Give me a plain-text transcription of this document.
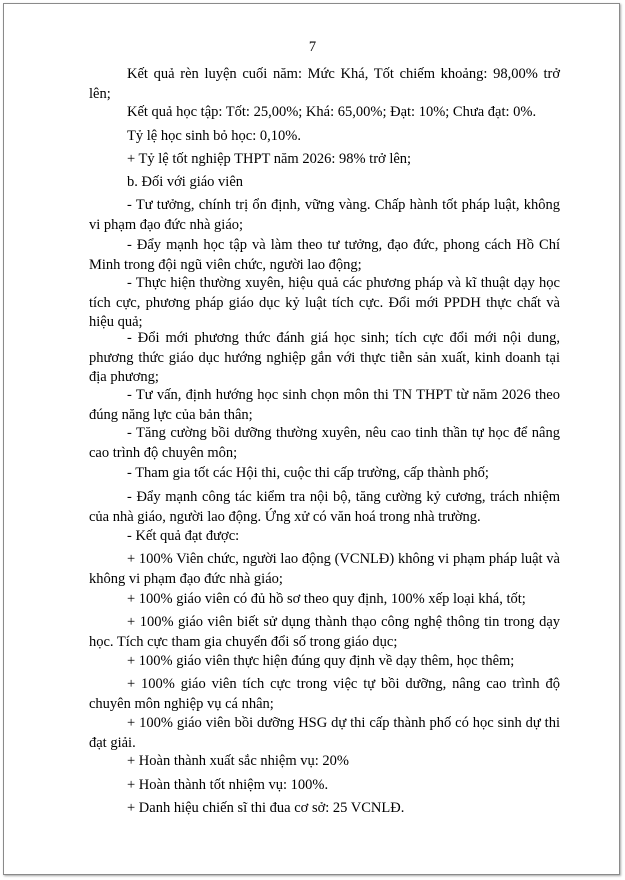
7

Kết quả rèn luyện cuối năm: Mức Khá, Tốt chiếm khoảng: 98,00% trở lên;

Kết quả học tập: Tốt: 25,00%; Khá: 65,00%; Đạt: 10%; Chưa đạt: 0%.

Tỷ lệ học sinh bỏ học: 0,10%.

+ Tỷ lệ tốt nghiệp THPT năm 2026: 98% trở lên;

b. Đối với giáo viên

- Tư tưởng, chính trị ổn định, vững vàng. Chấp hành tốt pháp luật, không vi phạm đạo đức nhà giáo;

- Đẩy mạnh học tập và làm theo tư tưởng, đạo đức, phong cách Hồ Chí Minh trong đội ngũ viên chức, người lao động;

- Thực hiện thường xuyên, hiệu quả các phương pháp và kĩ thuật dạy học tích cực, phương pháp giáo dục kỷ luật tích cực. Đổi mới PPDH thực chất và hiệu quả;

- Đổi mới phương thức đánh giá học sinh; tích cực đổi mới nội dung, phương thức giáo dục hướng nghiệp gắn với thực tiễn sản xuất, kinh doanh tại địa phương;

- Tư vấn, định hướng học sinh chọn môn thi TN THPT từ năm 2026 theo đúng năng lực của bản thân;

- Tăng cường bồi dưỡng thường xuyên, nêu cao tinh thần tự học để nâng cao trình độ chuyên môn;

- Tham gia tốt các Hội thi, cuộc thi cấp trường, cấp thành phố;

- Đẩy mạnh công tác kiểm tra nội bộ, tăng cường kỷ cương, trách nhiệm của nhà giáo, người lao động. Ứng xử có văn hoá trong nhà trường.

- Kết quả đạt được:

+ 100% Viên chức, người lao động (VCNLĐ) không vi phạm pháp luật và không vi phạm đạo đức nhà giáo;

+ 100% giáo viên có đủ hồ sơ theo quy định, 100% xếp loại khá, tốt;

+ 100% giáo viên biết sử dụng thành thạo công nghệ thông tin trong dạy học. Tích cực tham gia chuyển đổi số trong giáo dục;

+ 100% giáo viên thực hiện đúng quy định về dạy thêm, học thêm;

+ 100% giáo viên tích cực trong việc tự bồi dưỡng, nâng cao trình độ chuyên môn nghiệp vụ cá nhân;

+ 100% giáo viên bồi dưỡng HSG dự thi cấp thành phố có học sinh dự thi đạt giải.

+ Hoàn thành xuất sắc nhiệm vụ: 20%

+ Hoàn thành tốt nhiệm vụ: 100%.

+ Danh hiệu chiến sĩ thi đua cơ sở: 25 VCNLĐ.
